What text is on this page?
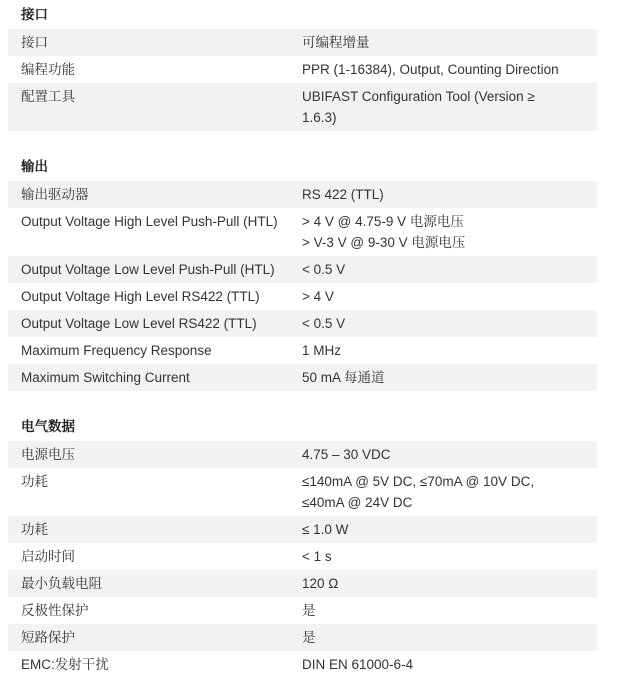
接口
接口	可编程增量
编程功能	PPR (1-16384), Output, Counting Direction
配置工具	UBIFAST Configuration Tool (Version ≥
1.6.3)
输出
输出驱动器	RS 422 (TTL)
Output Voltage High Level Push-Pull (HTL)	> 4 V @ 4.75-9 V 电源电压
> V-3 V @ 9-30 V 电源电压
Output Voltage Low Level Push-Pull (HTL)	< 0.5 V
Output Voltage High Level RS422 (TTL)	> 4 V
Output Voltage Low Level RS422 (TTL)	< 0.5 V
Maximum Frequency Response	1 MHz
Maximum Switching Current	50 mA 每通道
电气数据
电源电压	4.75 – 30 VDC
功耗	≤140mA @ 5V DC, ≤70mA @ 10V DC,
≤40mA @ 24V DC
功耗	≤ 1.0 W
启动时间	< 1 s
最小负载电阻	120 Ω
反极性保护	是
短路保护	是
EMC:发射干扰	DIN EN 61000-6-4
